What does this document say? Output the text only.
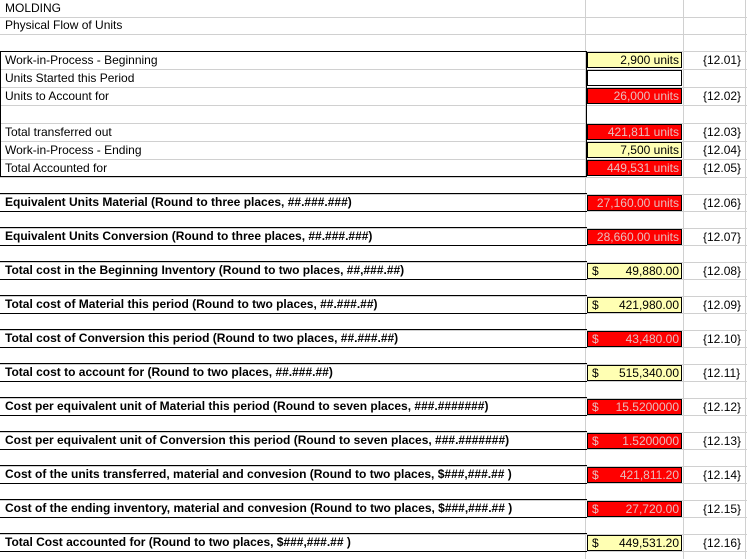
MOLDING
Physical Flow of Units
Work-in-Process - Beginning	2,900 units {12.01}
Units Started this Period
Units to Account for	26,000 units {12.02}
Total transferred out	421,811 units {12.03}
Work-in-Process - Ending	7,500 units {12.04}
Total Accounted for	449,531 units {12.05}
Equivalent Units Material (Round to three places, ##.###.###)	27,160.00 units {12.06}
Equivalent Units Conversion (Round to three places, ##.###.###)	28,660.00 units {12.07}
Total cost in the Beginning Inventory (Round to two places, ##,###.##)	$ 49,880.00 {12.08}
Total cost of Material this period (Round to two places, ##.###.##)	$ 421,980.00 {12.09}
Total cost of Conversion this period (Round to two places, ##.###.##)	$ 43,480.00 {12.10}
Total cost to account for (Round to two places, ##.###.##)	$ 515,340.00 {12.11}
Cost per equivalent unit of Material this period (Round to seven places, ###.#######)	$ 15.5200000 {12.12}
Cost per equivalent unit of Conversion this period (Round to seven places, ###.#######)	$ 1.5200000 {12.13}
Cost of the units transferred, material and convesion (Round to two places, $###,###.## )	$ 421,811.20 {12.14}
Cost of the ending inventory, material and convesion (Round to two places, $###,###.## )	$ 27,720.00 {12.15}
Total Cost accounted for (Round to two places, $###,###.## )	$ 449,531.20 {12.16}
